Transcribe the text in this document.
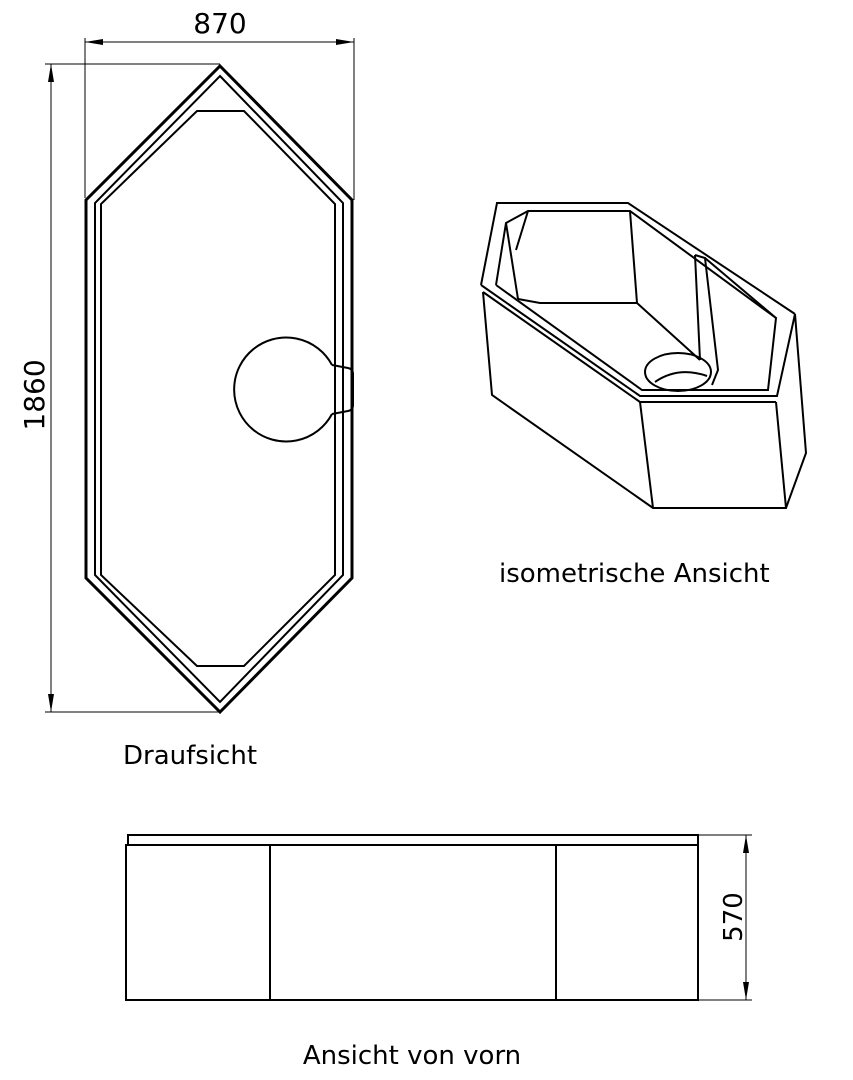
870
1860
Draufsicht
isometrische Ansicht
570
Ansicht von vorn
